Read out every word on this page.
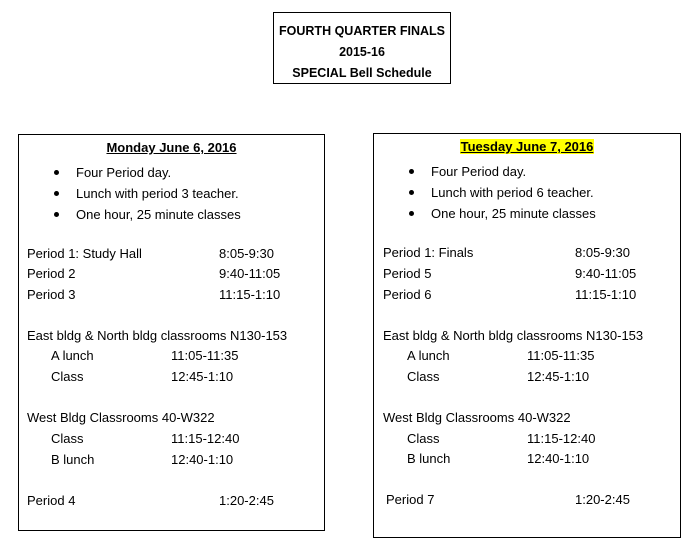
FOURTH QUARTER FINALS
2015-16
SPECIAL Bell Schedule
Monday June 6, 2016
Four Period day.
Lunch with period 3 teacher.
One hour, 25 minute classes
Period 1: Study Hall	8:05-9:30
Period 2	9:40-11:05
Period 3	11:15-1:10
East bldg & North bldg classrooms N130-153
A lunch	11:05-11:35
Class	12:45-1:10
West Bldg Classrooms 40-W322
Class	11:15-12:40
B lunch	12:40-1:10
Period 4	1:20-2:45
Tuesday June 7, 2016
Four Period day.
Lunch with period 6 teacher.
One hour, 25 minute classes
Period 1: Finals	8:05-9:30
Period 5	9:40-11:05
Period 6	11:15-1:10
East bldg & North bldg classrooms N130-153
A lunch	11:05-11:35
Class	12:45-1:10
West Bldg Classrooms 40-W322
Class	11:15-12:40
B lunch	12:40-1:10
Period 7	1:20-2:45
